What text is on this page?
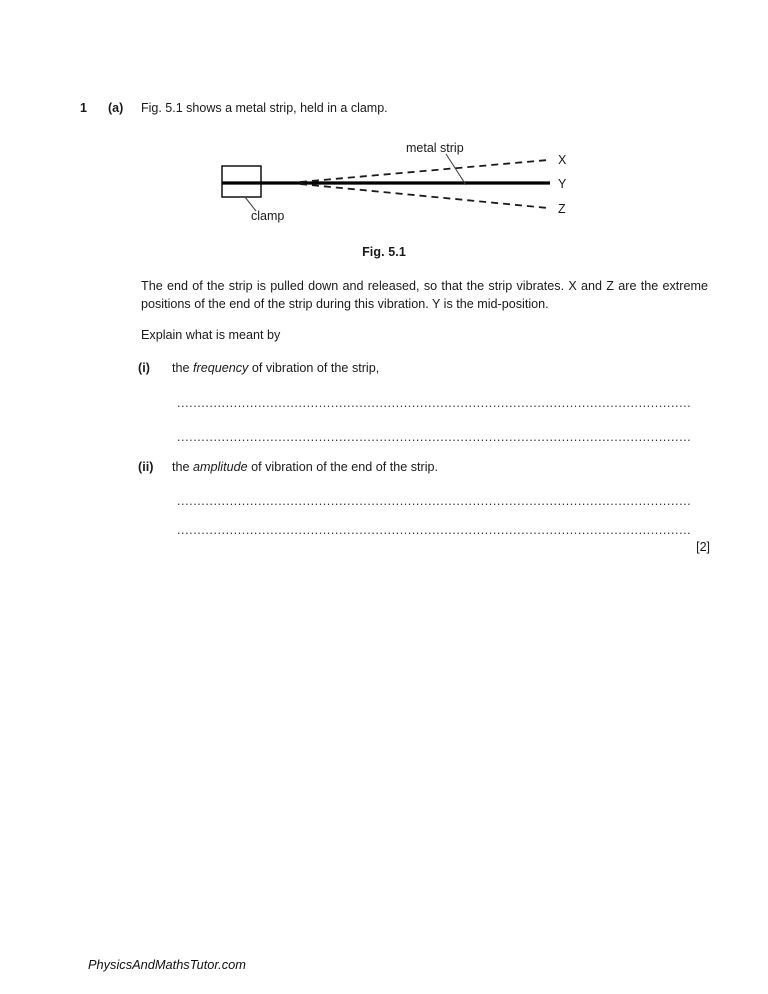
1	(a)	Fig. 5.1 shows a metal strip, held in a clamp.
metal strip
clamp
X
Y
Z
Fig. 5.1
The end of the strip is pulled down and released, so that the strip vibrates. X and Z are the extreme positions of the end of the strip during this vibration. Y is the mid-position.
Explain what is meant by
(i)	the frequency of vibration of the strip,
...............................................................................................................................
...............................................................................................................................
(ii)	the amplitude of vibration of the end of the strip.
...............................................................................................................................
...............................................................................................................................
[2]
PhysicsAndMathsTutor.com
